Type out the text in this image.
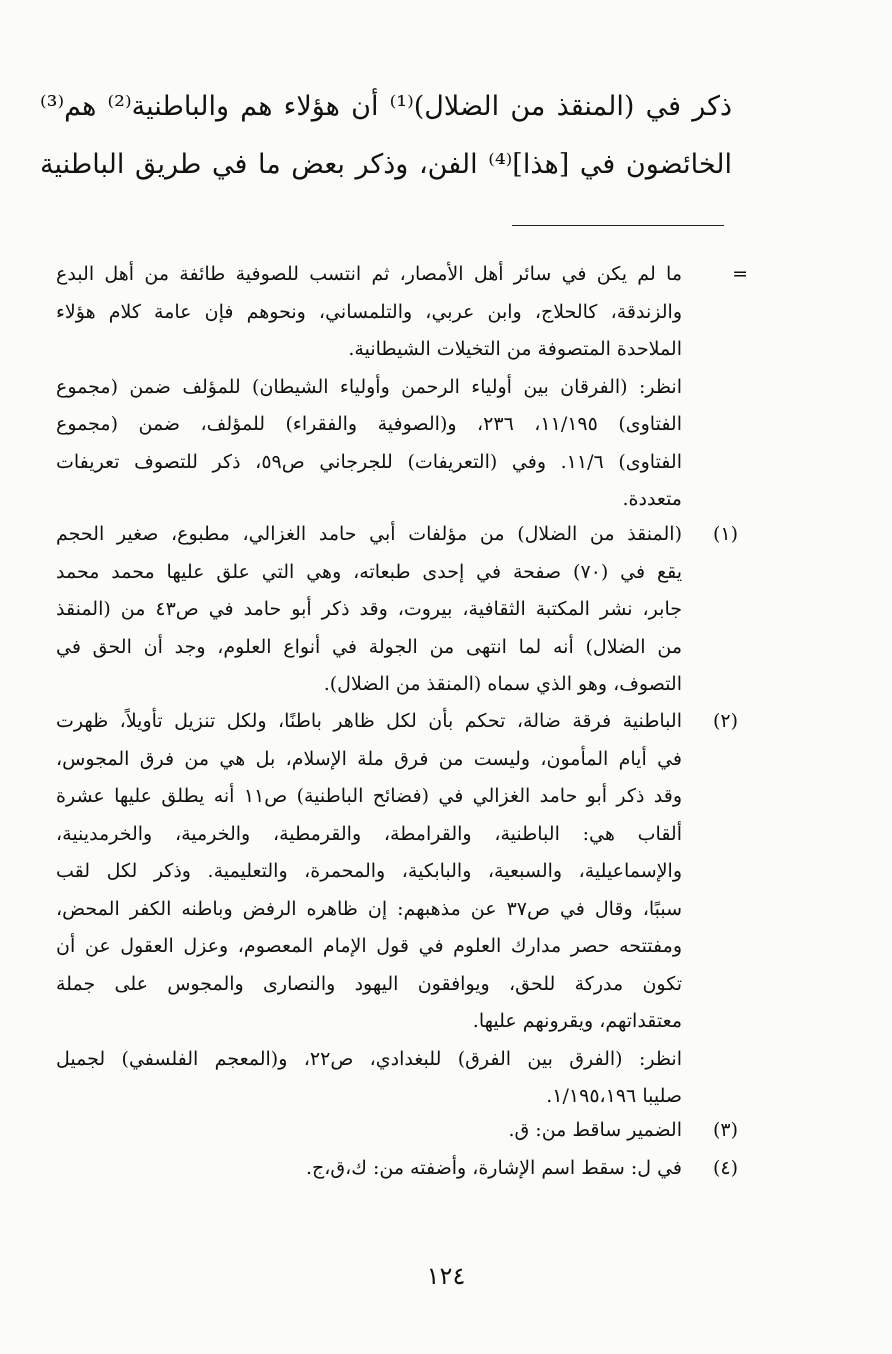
ذكر في (المنقذ من الضلال)⁽¹⁾ أن هؤلاء هم والباطنية⁽²⁾ هم⁽³⁾
الخائضون في [هذا]⁽⁴⁾ الفن، وذكر بعض ما في طريق الباطنية
=
ما لم يكن في سائر أهل الأمصار، ثم انتسب للصوفية طائفة من أهل البدع
والزندقة، كالحلاج، وابن عربي، والتلمساني، ونحوهم فإن عامة كلام هؤلاء
الملاحدة المتصوفة من التخيلات الشيطانية.
انظر: (الفرقان بين أولياء الرحمن وأولياء الشيطان) للمؤلف ضمن (مجموع
الفتاوى) ١١/١٩٥، ٢٣٦، و(الصوفية والفقراء) للمؤلف، ضمن (مجموع
الفتاوى) ١١/٦. وفي (التعريفات) للجرجاني ص٥٩، ذكر للتصوف تعريفات
متعددة.
(١)
(المنقذ من الضلال) من مؤلفات أبي حامد الغزالي، مطبوع، صغير الحجم
يقع في (٧٠) صفحة في إحدى طبعاته، وهي التي علق عليها محمد محمد
جابر، نشر المكتبة الثقافية، بيروت، وقد ذكر أبو حامد في ص٤٣ من (المنقذ
من الضلال) أنه لما انتهى من الجولة في أنواع العلوم، وجد أن الحق في
التصوف، وهو الذي سماه (المنقذ من الضلال).
(٢)
الباطنية فرقة ضالة، تحكم بأن لكل ظاهر باطنًا، ولكل تنزيل تأويلاً، ظهرت
في أيام المأمون، وليست من فرق ملة الإسلام، بل هي من فرق المجوس،
وقد ذكر أبو حامد الغزالي في (فضائح الباطنية) ص١١ أنه يطلق عليها عشرة
ألقاب هي: الباطنية، والقرامطة، والقرمطية، والخرمية، والخرمدينية،
والإسماعيلية، والسبعية، والبابكية، والمحمرة، والتعليمية. وذكر لكل لقب
سببًا، وقال في ص٣٧ عن مذهبهم: إن ظاهره الرفض وباطنه الكفر المحض،
ومفتتحه حصر مدارك العلوم في قول الإمام المعصوم، وعزل العقول عن أن
تكون مدركة للحق، ويوافقون اليهود والنصارى والمجوس على جملة
معتقداتهم، ويقرونهم عليها.
انظر: (الفرق بين الفرق) للبغدادي، ص٢٢، و(المعجم الفلسفي) لجميل
صليبا ١/١٩٥،١٩٦.
(٣)
الضمير ساقط من: ق.
(٤)
في ل: سقط اسم الإشارة، وأضفته من: ك،ق،ج.
١٢٤
